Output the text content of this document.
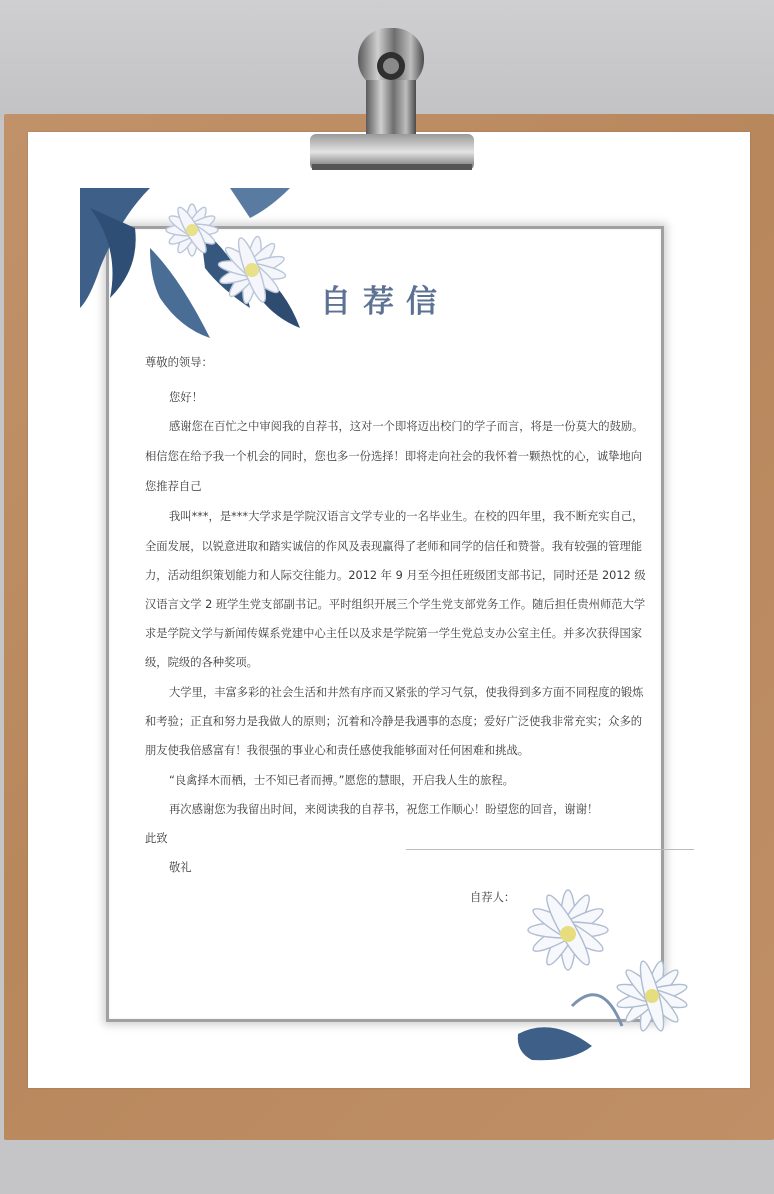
自荐信
尊敬的领导：
您好！
感谢您在百忙之中审阅我的自荐书，这对一个即将迈出校门的学子而言，将是一份莫大的鼓励。
相信您在给予我一个机会的同时，您也多一份选择！即将走向社会的我怀着一颗热忱的心，诚挚地向
您推荐自己
我叫***，是***大学求是学院汉语言文学专业的一名毕业生。在校的四年里，我不断充实自己，
全面发展，以锐意进取和踏实诚信的作风及表现赢得了老师和同学的信任和赞誉。我有较强的管理能
力，活动组织策划能力和人际交往能力。2012 年 9 月至今担任班级团支部书记，同时还是 2012 级
汉语言文学 2 班学生党支部副书记。平时组织开展三个学生党支部党务工作。随后担任贵州师范大学
求是学院文学与新闻传媒系党建中心主任以及求是学院第一学生党总支办公室主任。并多次获得国家
级，院级的各种奖项。
大学里，丰富多彩的社会生活和井然有序而又紧张的学习气氛，使我得到多方面不同程度的锻炼
和考验；正直和努力是我做人的原则；沉着和冷静是我遇事的态度；爱好广泛使我非常充实；众多的
朋友使我倍感富有！我很强的事业心和责任感使我能够面对任何困难和挑战。
“良禽择木而栖，士不知已者而搏。”愿您的慧眼，开启我人生的旅程。
再次感谢您为我留出时间，来阅读我的自荐书，祝您工作顺心！盼望您的回音，谢谢！
此致
敬礼
自荐人：
